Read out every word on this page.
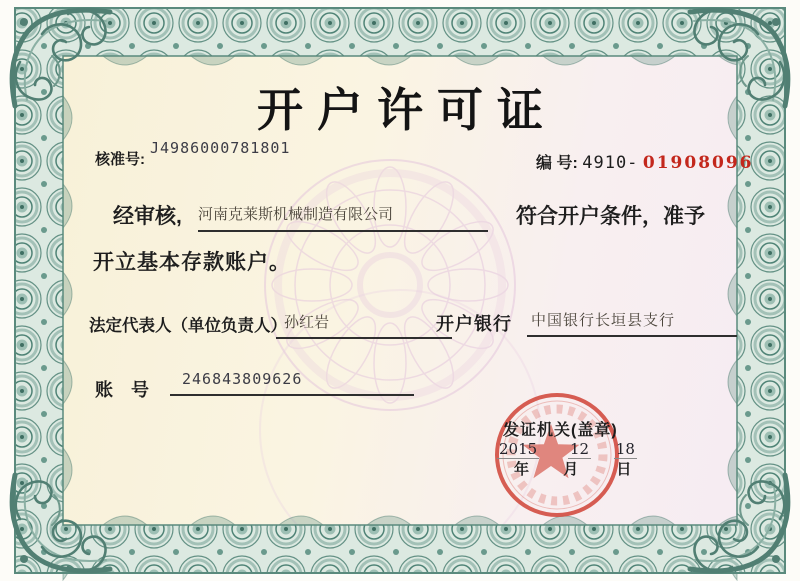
开户许可证
核准号:
J4986000781801
编 号: 4910- 01908096
经审核, 河南克莱斯机械制造有限公司	符合开户条件，准予
开立基本存款账户。
法定代表人（单位负责人）
孙红岩	开户银行 中国银行长垣县支行
账　号
246843809626
发证机关(盖章)
2015 12 18
年 月	日
